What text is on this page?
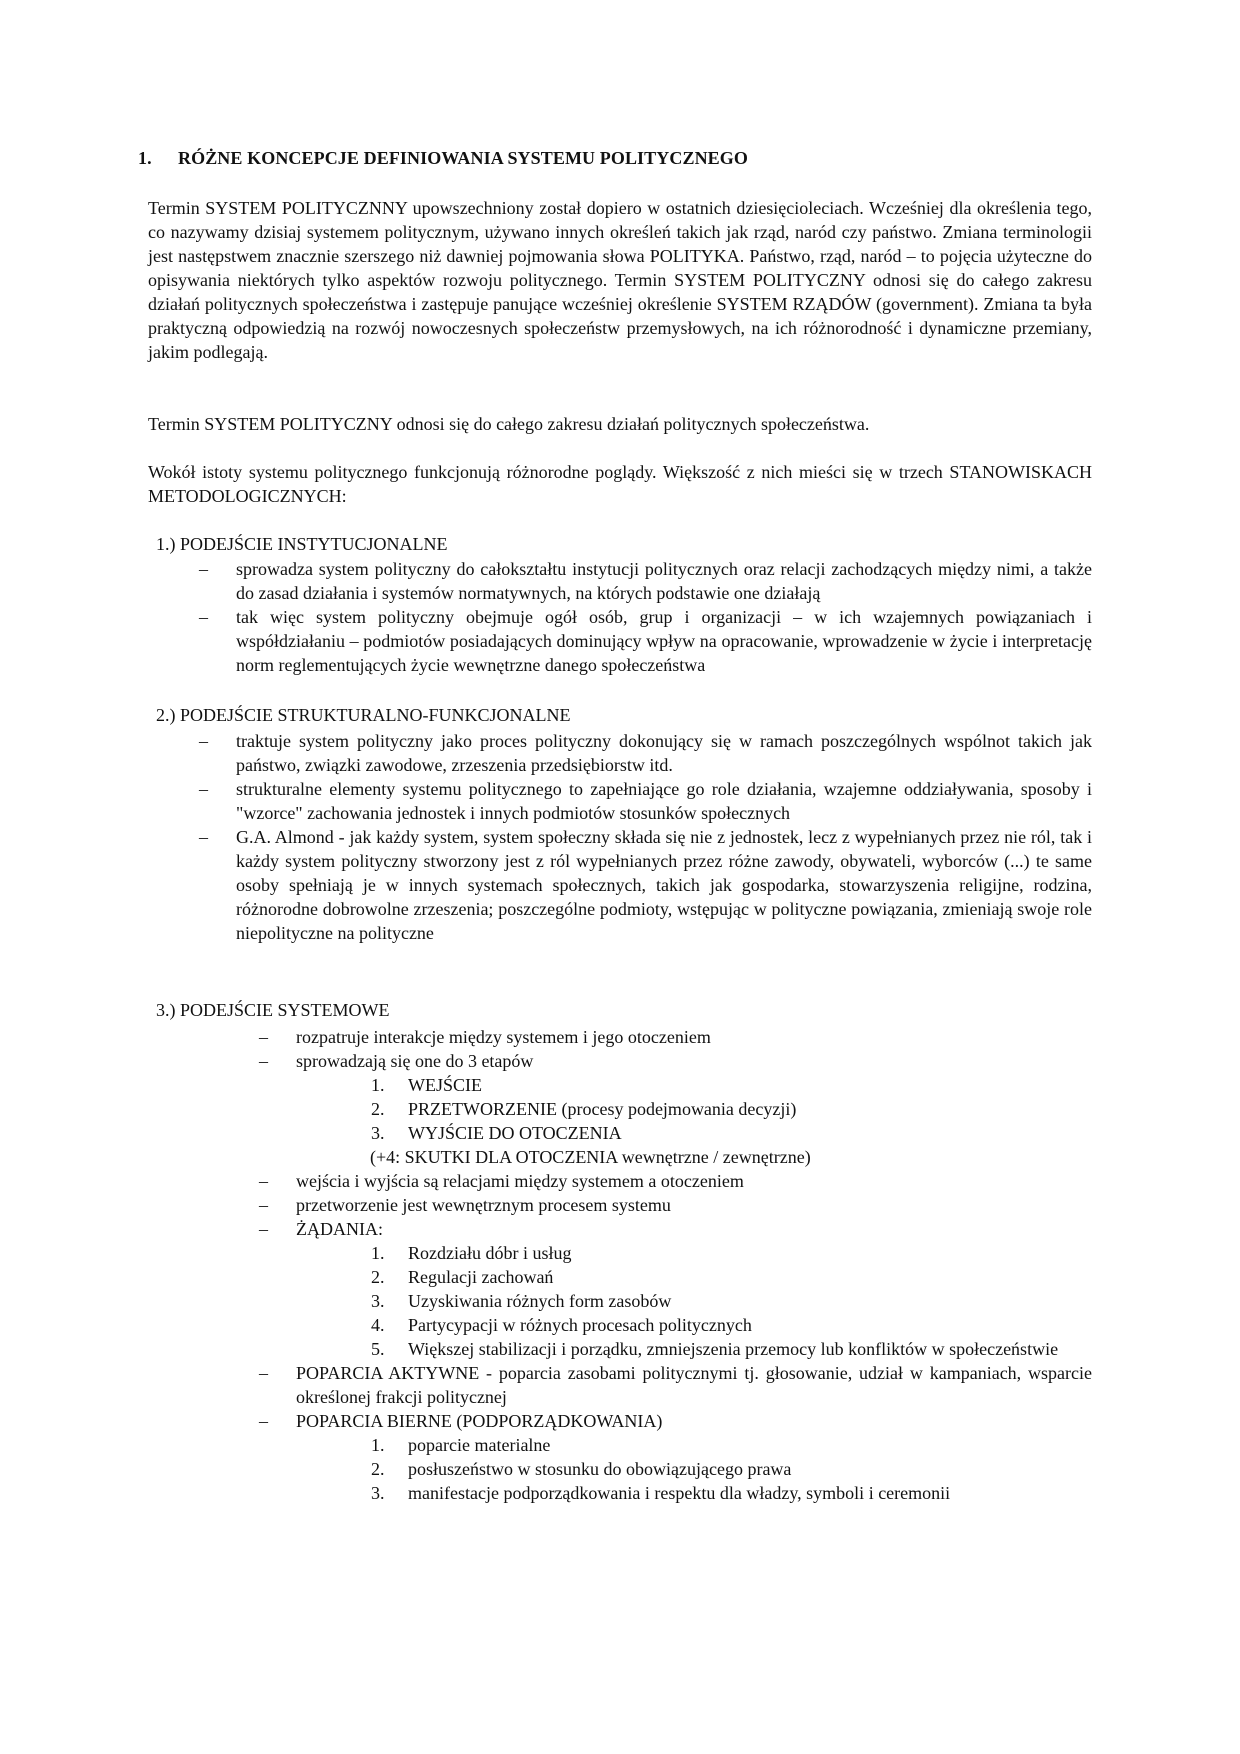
1. RÓŻNE KONCEPCJE DEFINIOWANIA SYSTEMU POLITYCZNEGO

Termin SYSTEM POLITYCZNNY upowszechniony został dopiero w ostatnich dziesięcioleciach. Wcześniej dla określenia tego, co nazywamy dzisiaj systemem politycznym, używano innych określeń takich jak rząd, naród czy państwo. Zmiana terminologii jest następstwem znacznie szerszego niż dawniej pojmowania słowa POLITYKA. Państwo, rząd, naród – to pojęcia użyteczne do opisywania niektórych tylko aspektów rozwoju politycznego. Termin SYSTEM POLITYCZNY odnosi się do całego zakresu działań politycznych społeczeństwa i zastępuje panujące wcześniej określenie SYSTEM RZĄDÓW (government). Zmiana ta była praktyczną odpowiedzią na rozwój nowoczesnych społeczeństw przemysłowych, na ich różnorodność i dynamiczne przemiany, jakim podlegają.

Termin SYSTEM POLITYCZNY odnosi się do całego zakresu działań politycznych społeczeństwa.

Wokół istoty systemu politycznego funkcjonują różnorodne poglądy. Większość z nich mieści się w trzech STANOWISKACH METODOLOGICZNYCH:

1.) PODEJŚCIE INSTYTUCJONALNE
– sprowadza system polityczny do całokształtu instytucji politycznych oraz relacji zachodzących między nimi, a także do zasad działania i systemów normatywnych, na których podstawie one działają
– tak więc system polityczny obejmuje ogół osób, grup i organizacji – w ich wzajemnych powiązaniach i współdziałaniu – podmiotów posiadających dominujący wpływ na opracowanie, wprowadzenie w życie i interpretację norm reglementujących życie wewnętrzne danego społeczeństwa
2.) PODEJŚCIE STRUKTURALNO-FUNKCJONALNE
– traktuje system polityczny jako proces polityczny dokonujący się w ramach poszczególnych wspólnot takich jak państwo, związki zawodowe, zrzeszenia przedsiębiorstw itd.
– strukturalne elementy systemu politycznego to zapełniające go role działania, wzajemne oddziaływania, sposoby i "wzorce" zachowania jednostek i innych podmiotów stosunków społecznych
– G.A. Almond - jak każdy system, system społeczny składa się nie z jednostek, lecz z wypełnianych przez nie ról, tak i każdy system polityczny stworzony jest z ról wypełnianych przez różne zawody, obywateli, wyborców (...) te same osoby spełniają je w innych systemach społecznych, takich jak gospodarka, stowarzyszenia religijne, rodzina, różnorodne dobrowolne zrzeszenia; poszczególne podmioty, wstępując w polityczne powiązania, zmieniają swoje role niepolityczne na polityczne
3.) PODEJŚCIE SYSTEMOWE
– rozpatruje interakcje między systemem i jego otoczeniem
– sprowadzają się one do 3 etapów
1. WEJŚCIE
2. PRZETWORZENIE (procesy podejmowania decyzji)
3. WYJŚCIE DO OTOCZENIA
(+4: SKUTKI DLA OTOCZENIA wewnętrzne / zewnętrzne)
– wejścia i wyjścia są relacjami między systemem a otoczeniem
– przetworzenie jest wewnętrznym procesem systemu
– ŻĄDANIA:
1. Rozdziału dóbr i usług
2. Regulacji zachowań
3. Uzyskiwania różnych form zasobów
4. Partycypacji w różnych procesach politycznych
5. Większej stabilizacji i porządku, zmniejszenia przemocy lub konfliktów w społeczeństwie
– POPARCIA AKTYWNE - poparcia zasobami politycznymi tj. głosowanie, udział w kampaniach, wsparcie określonej frakcji politycznej
– POPARCIA BIERNE (PODPORZĄDKOWANIA)
1. poparcie materialne
2. posłuszeństwo w stosunku do obowiązującego prawa
3. manifestacje podporządkowania i respektu dla władzy, symboli i ceremonii
